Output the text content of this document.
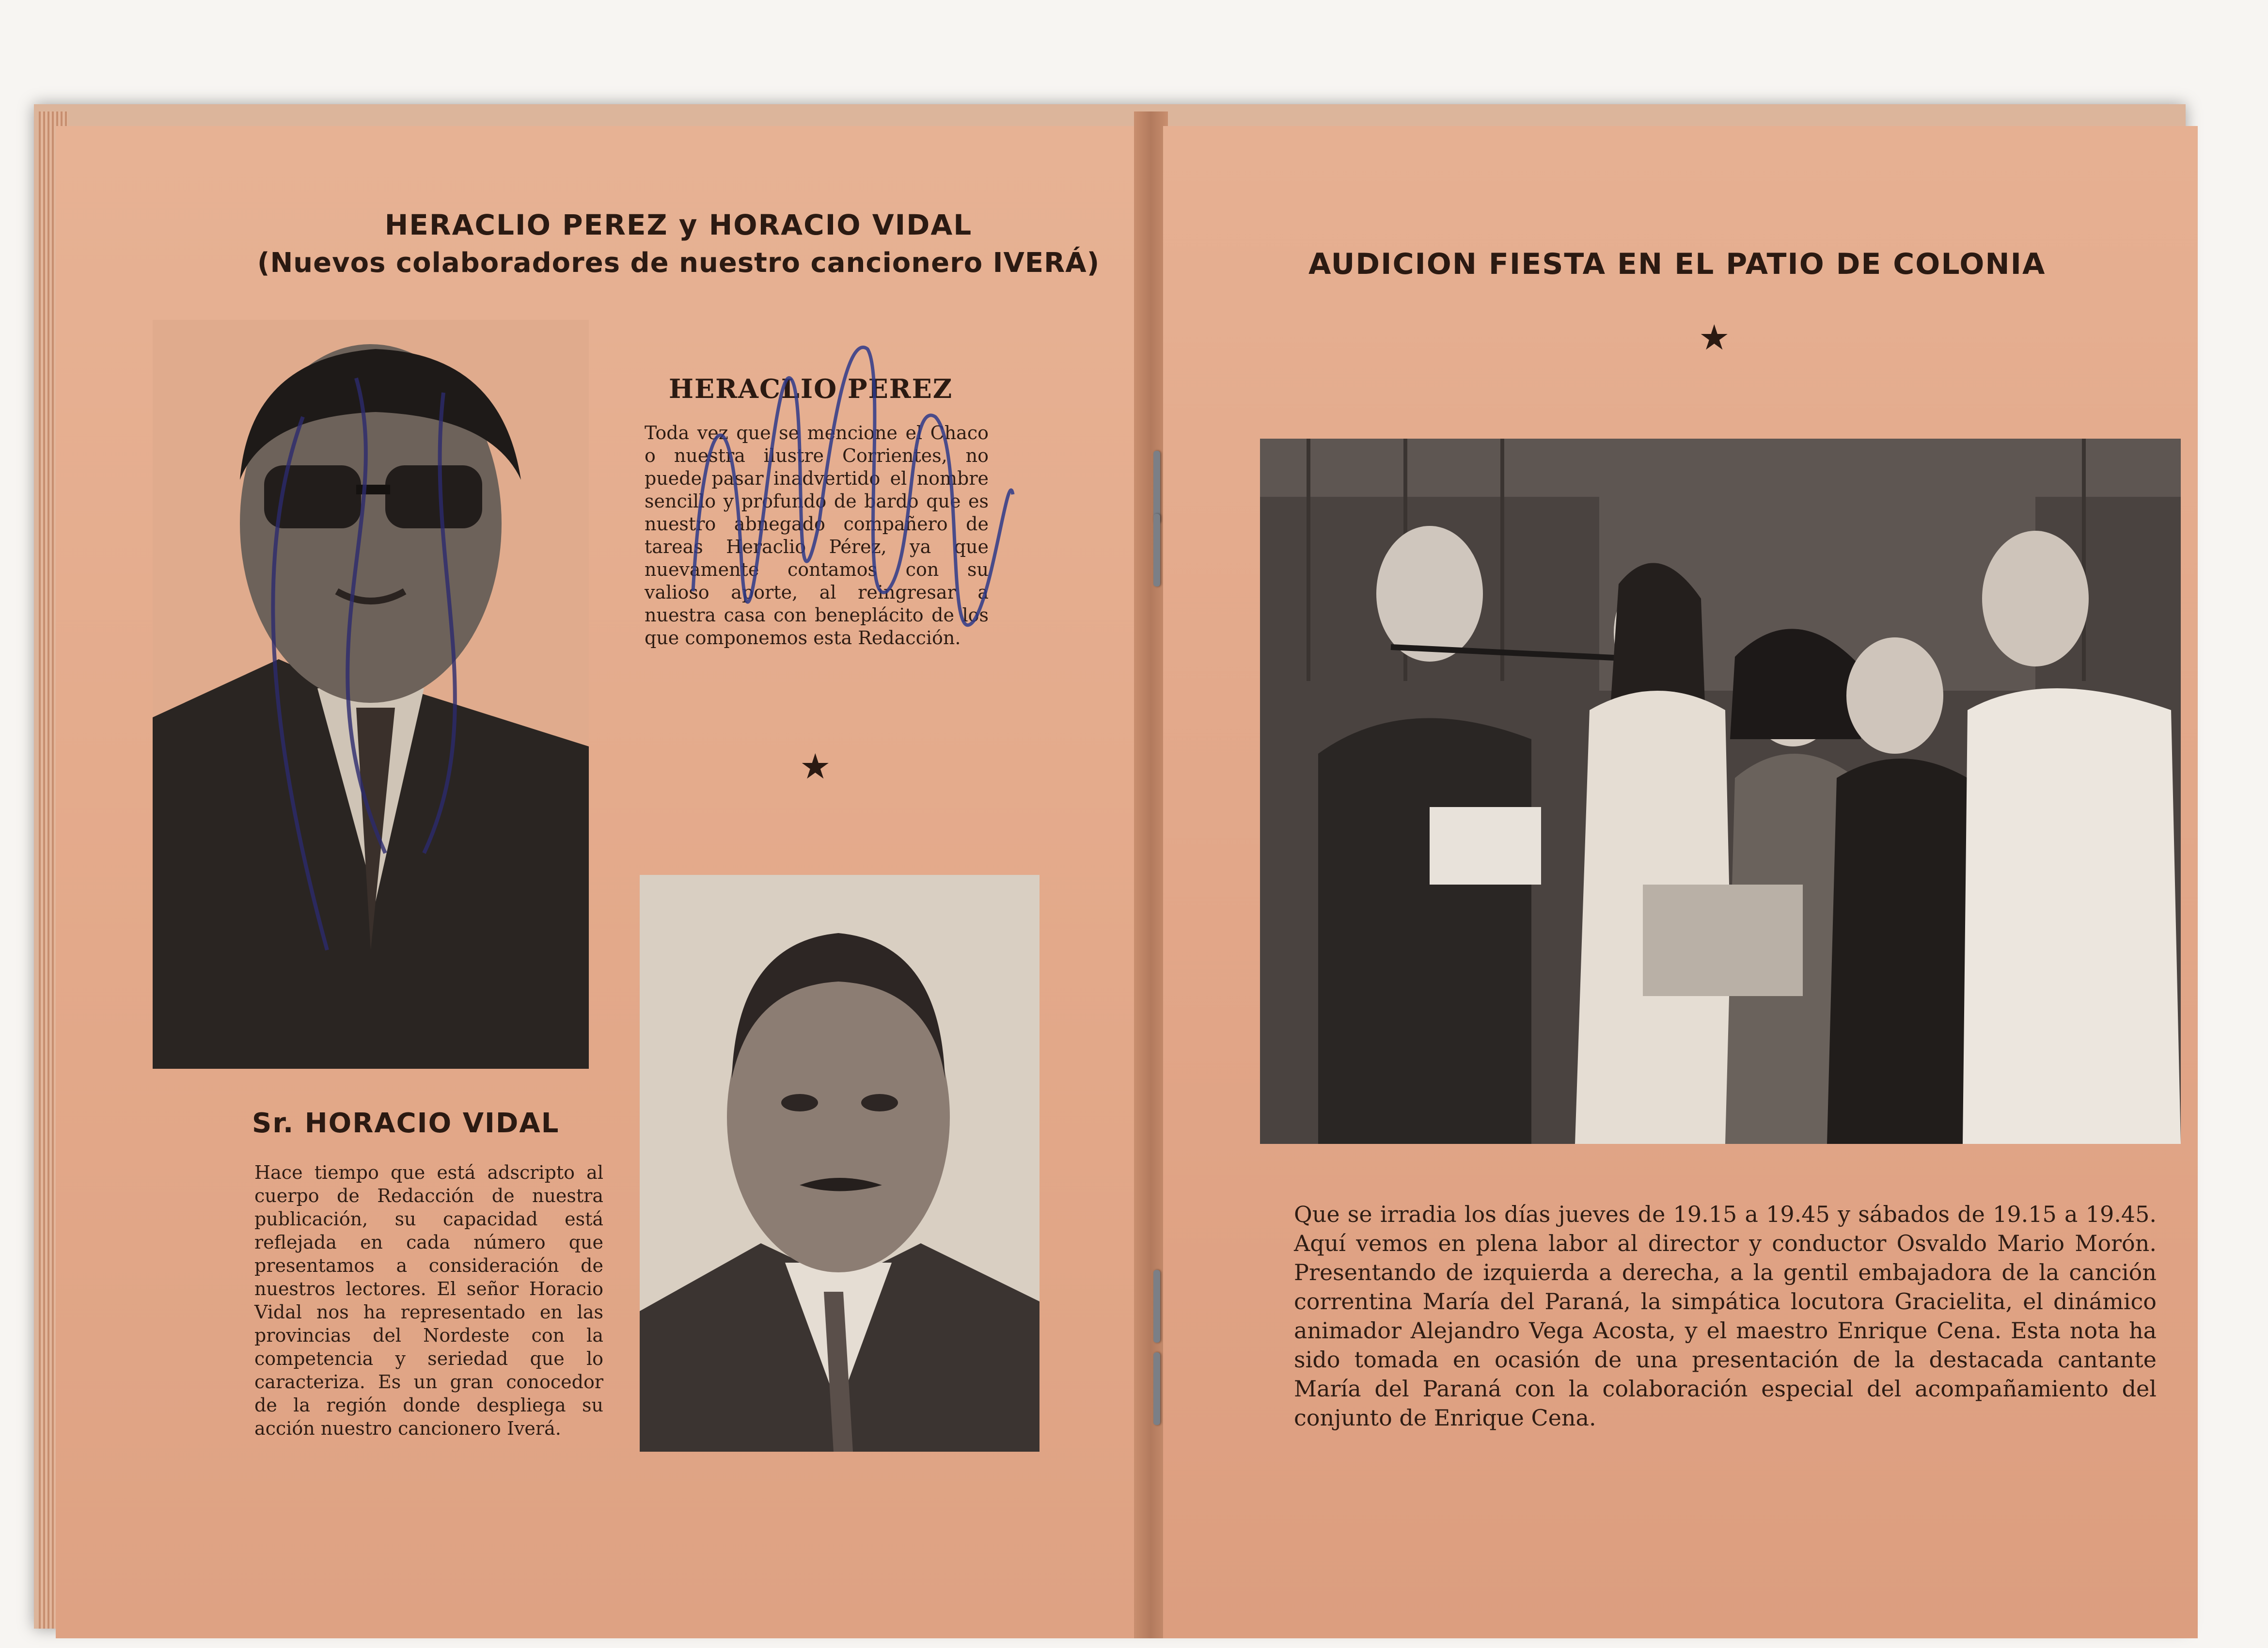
HERACLIO PEREZ y HORACIO VIDAL
(Nuevos colaboradores de nuestro cancionero IVERÁ)
HERACLIO PEREZ

Toda vez que se mencione el Chaco o nuestra ilustre Corrientes, no puede pasar inadvertido el nombre sencillo y profundo de bardo que es nuestro abnegado compañero de tareas Heraclio Pérez, ya que nuevamente contamos con su valioso aporte, al reingresar a nuestra casa con beneplácito de los que componemos esta Redacción.

★
Sr. HORACIO VIDAL

Hace tiempo que está adscripto al cuerpo de Redacción de nuestra publicación, su capacidad está reflejada en cada número que presentamos a consideración de nuestros lectores. El señor Horacio Vidal nos ha representado en las provincias del Nordeste con la competencia y seriedad que lo caracteriza. Es un gran conocedor de la región donde despliega su acción nuestro cancionero Iverá.

AUDICION FIESTA EN EL PATIO DE COLONIA
★

Que se irradia los días jueves de 19.15 a 19.45 y sábados de 19.15 a 19.45. Aquí vemos en plena labor al director y conductor Osvaldo Mario Morón. Presentando de izquierda a derecha, a la gentil embajadora de la canción correntina María del Paraná, la simpática locutora Gracielita, el dinámico animador Alejandro Vega Acosta, y el maestro Enrique Cena. Esta nota ha sido tomada en ocasión de una presentación de la destacada cantante María del Paraná con la colaboración especial del acompañamiento del conjunto de Enrique Cena.
